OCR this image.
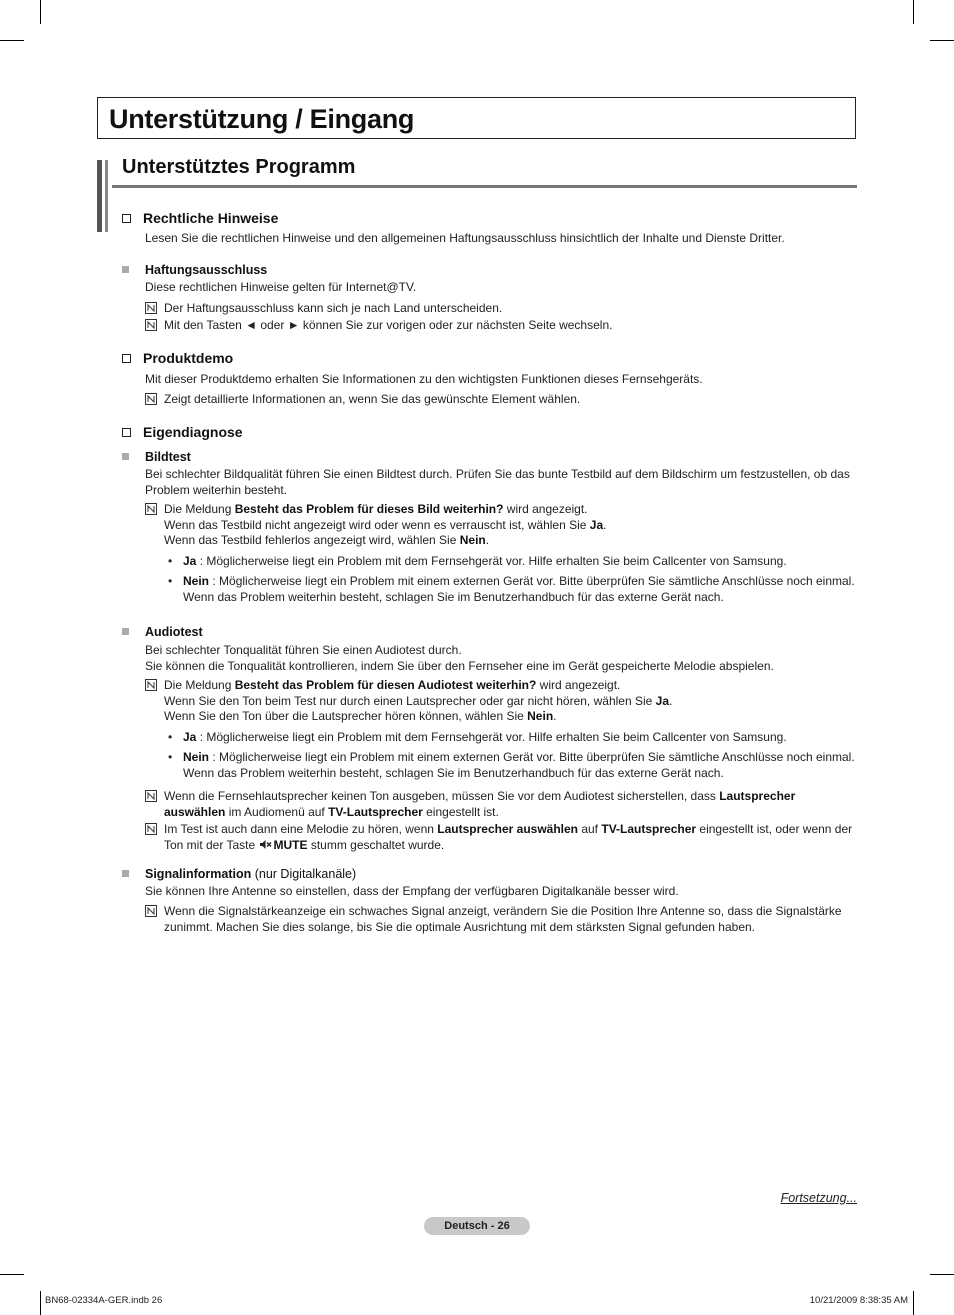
Unterstützung / Eingang
Unterstütztes Programm
Rechtliche Hinweise
Lesen Sie die rechtlichen Hinweise und den allgemeinen Haftungsausschluss hinsichtlich der Inhalte und Dienste Dritter.
Haftungsausschluss
Diese rechtlichen Hinweise gelten für Internet@TV.
Der Haftungsausschluss kann sich je nach Land unterscheiden.
Mit den Tasten ◄ oder ► können Sie zur vorigen oder zur nächsten Seite wechseln.
Produktdemo
Mit dieser Produktdemo erhalten Sie Informationen zu den wichtigsten Funktionen dieses Fernsehgeräts.
Zeigt detaillierte Informationen an, wenn Sie das gewünschte Element wählen.
Eigendiagnose
Bildtest
Bei schlechter Bildqualität führen Sie einen Bildtest durch. Prüfen Sie das bunte Testbild auf dem Bildschirm um festzustellen, ob das Problem weiterhin besteht.
Die Meldung Besteht das Problem für dieses Bild weiterhin? wird angezeigt.
Wenn das Testbild nicht angezeigt wird oder wenn es verrauscht ist, wählen Sie Ja.
Wenn das Testbild fehlerlos angezeigt wird, wählen Sie Nein.
• Ja : Möglicherweise liegt ein Problem mit dem Fernsehgerät vor. Hilfe erhalten Sie beim Callcenter von Samsung.
• Nein : Möglicherweise liegt ein Problem mit einem externen Gerät vor. Bitte überprüfen Sie sämtliche Anschlüsse noch einmal. Wenn das Problem weiterhin besteht, schlagen Sie im Benutzerhandbuch für das externe Gerät nach.
Audiotest
Bei schlechter Tonqualität führen Sie einen Audiotest durch.
Sie können die Tonqualität kontrollieren, indem Sie über den Fernseher eine im Gerät gespeicherte Melodie abspielen.
Die Meldung Besteht das Problem für diesen Audiotest weiterhin? wird angezeigt.
Wenn Sie den Ton beim Test nur durch einen Lautsprecher oder gar nicht hören, wählen Sie Ja.
Wenn Sie den Ton über die Lautsprecher hören können, wählen Sie Nein.
• Ja : Möglicherweise liegt ein Problem mit dem Fernsehgerät vor. Hilfe erhalten Sie beim Callcenter von Samsung.
• Nein : Möglicherweise liegt ein Problem mit einem externen Gerät vor. Bitte überprüfen Sie sämtliche Anschlüsse noch einmal. Wenn das Problem weiterhin besteht, schlagen Sie im Benutzerhandbuch für das externe Gerät nach.
Wenn die Fernsehlautsprecher keinen Ton ausgeben, müssen Sie vor dem Audiotest sicherstellen, dass Lautsprecher auswählen im Audiomenü auf TV-Lautsprecher eingestellt ist.
Im Test ist auch dann eine Melodie zu hören, wenn Lautsprecher auswählen auf TV-Lautsprecher eingestellt ist, oder wenn der Ton mit der Taste MUTE stumm geschaltet wurde.
Signalinformation (nur Digitalkanäle)
Sie können Ihre Antenne so einstellen, dass der Empfang der verfügbaren Digitalkanäle besser wird.
Wenn die Signalstärkeanzeige ein schwaches Signal anzeigt, verändern Sie die Position Ihre Antenne so, dass die Signalstärke zunimmt. Machen Sie dies solange, bis Sie die optimale Ausrichtung mit dem stärksten Signal gefunden haben.
Fortsetzung...
Deutsch - 26
BN68-02334A-GER.indb 26	10/21/2009 8:38:35 AM
